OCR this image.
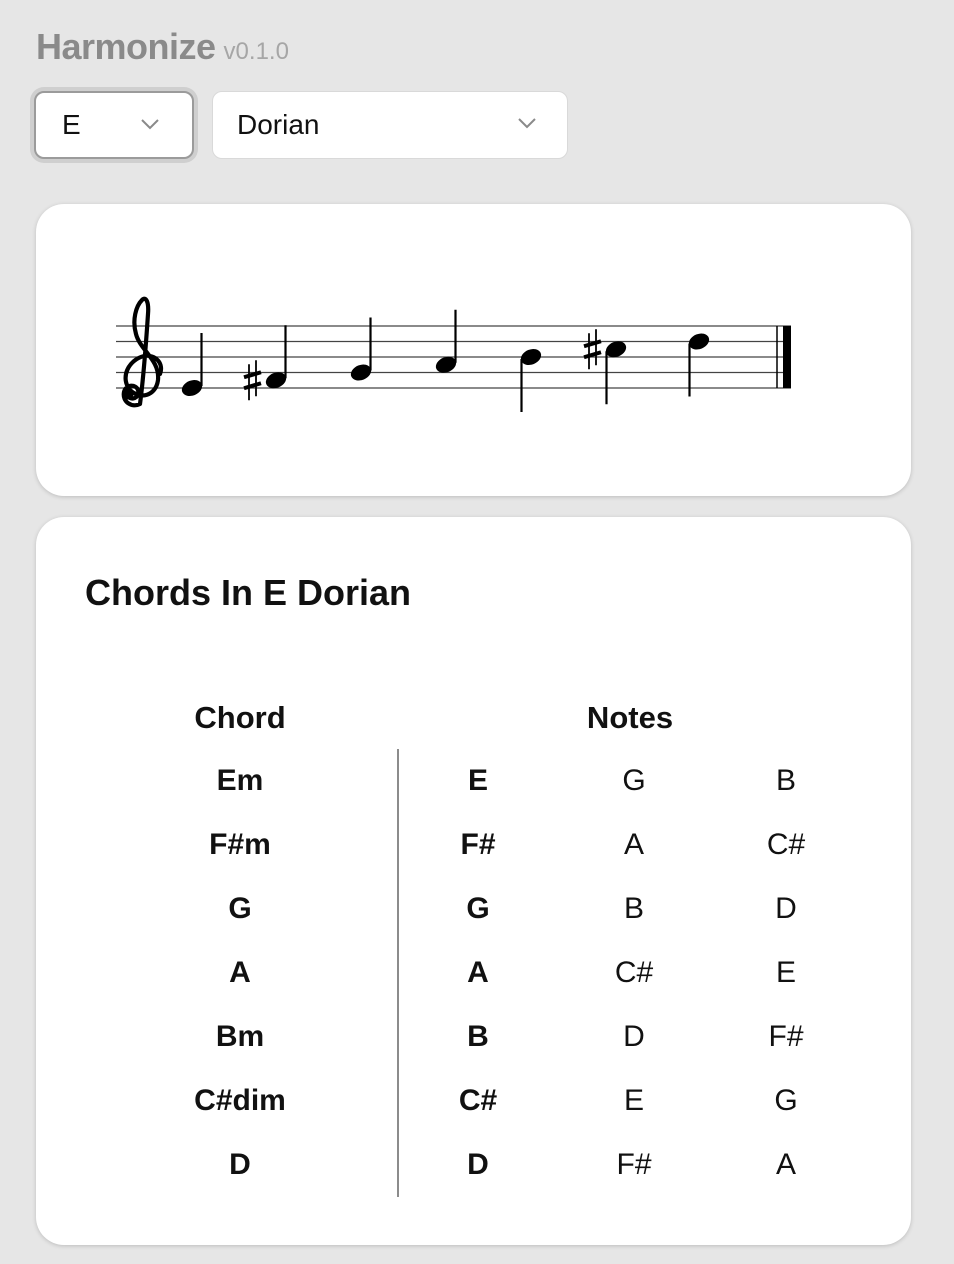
Harmonize v0.1.0
E	Dorian
Chords In E Dorian
Chord	Notes
Em	E	G	B
F#m	F#	A	C#
G	G	B	D
A	A	C#	E
Bm	B	D	F#
C#dim	C#	E	G
D	D	F#	A
